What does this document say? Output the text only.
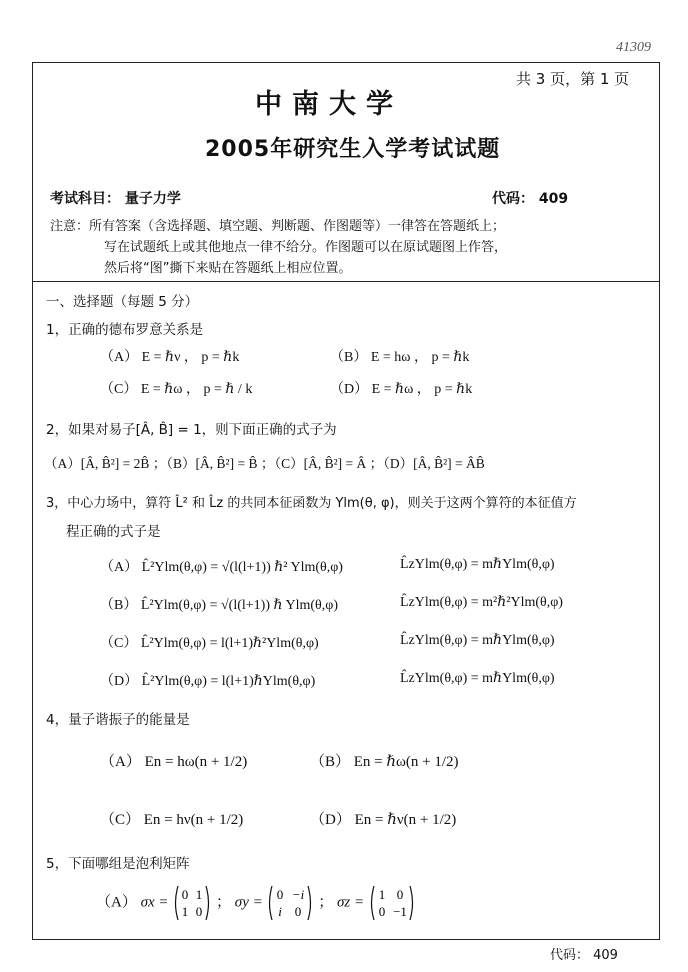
41309
共 3 页，第 1 页
中南大学
2005年研究生入学考试试题
考试科目： 量子力学	代码： 409
注意：所有答案（含选择题、填空题、判断题、作图题等）一律答在答题纸上；
写在试题纸上或其他地点一律不给分。作图题可以在原试题图上作答，
然后将“图”撕下来贴在答题纸上相应位置。
一、选择题（每题 5 分）
1，正确的德布罗意关系是
（A） E = ℏν ， p = ℏk	（B） E = hω ， p = ℏk
（C） E = ℏω ， p = ℏ / k	（D） E = ℏω ， p = ℏk
2，如果对易子[Â, B̂] = 1，则下面正确的式子为
（A）[Â, B̂²] = 2B̂ ；（B）[Â, B̂²] = B̂ ；（C）[Â, B̂²] = Â ；（D）[Â, B̂²] = ÂB̂
3，中心力场中，算符 L̂² 和 L̂z 的共同本征函数为 Ylm(θ, φ)，则关于这两个算符的本征值方
程正确的式子是
（A） L̂²Ylm(θ,φ) = √(l(l+1)) ℏ² Ylm(θ,φ)	L̂zYlm(θ,φ) = mℏYlm(θ,φ)
（B） L̂²Ylm(θ,φ) = √(l(l+1)) ℏ Ylm(θ,φ)	L̂zYlm(θ,φ) = m²ℏ²Ylm(θ,φ)
（C） L̂²Ylm(θ,φ) = l(l+1)ℏ²Ylm(θ,φ)	L̂zYlm(θ,φ) = mℏYlm(θ,φ)
（D） L̂²Ylm(θ,φ) = l(l+1)ℏYlm(θ,φ)	L̂zYlm(θ,φ) = mℏYlm(θ,φ)
4，量子谐振子的能量是
（A） En = hω(n + 1/2)	（B） En = ℏω(n + 1/2)
（C） En = hν(n + 1/2)	（D） En = ℏν(n + 1/2)
5，下面哪组是泡利矩阵
（A） σx = 0 1
1 0
； σy = 0 −i
i 0
； σz = 1 0
0 −1
代码： 409
